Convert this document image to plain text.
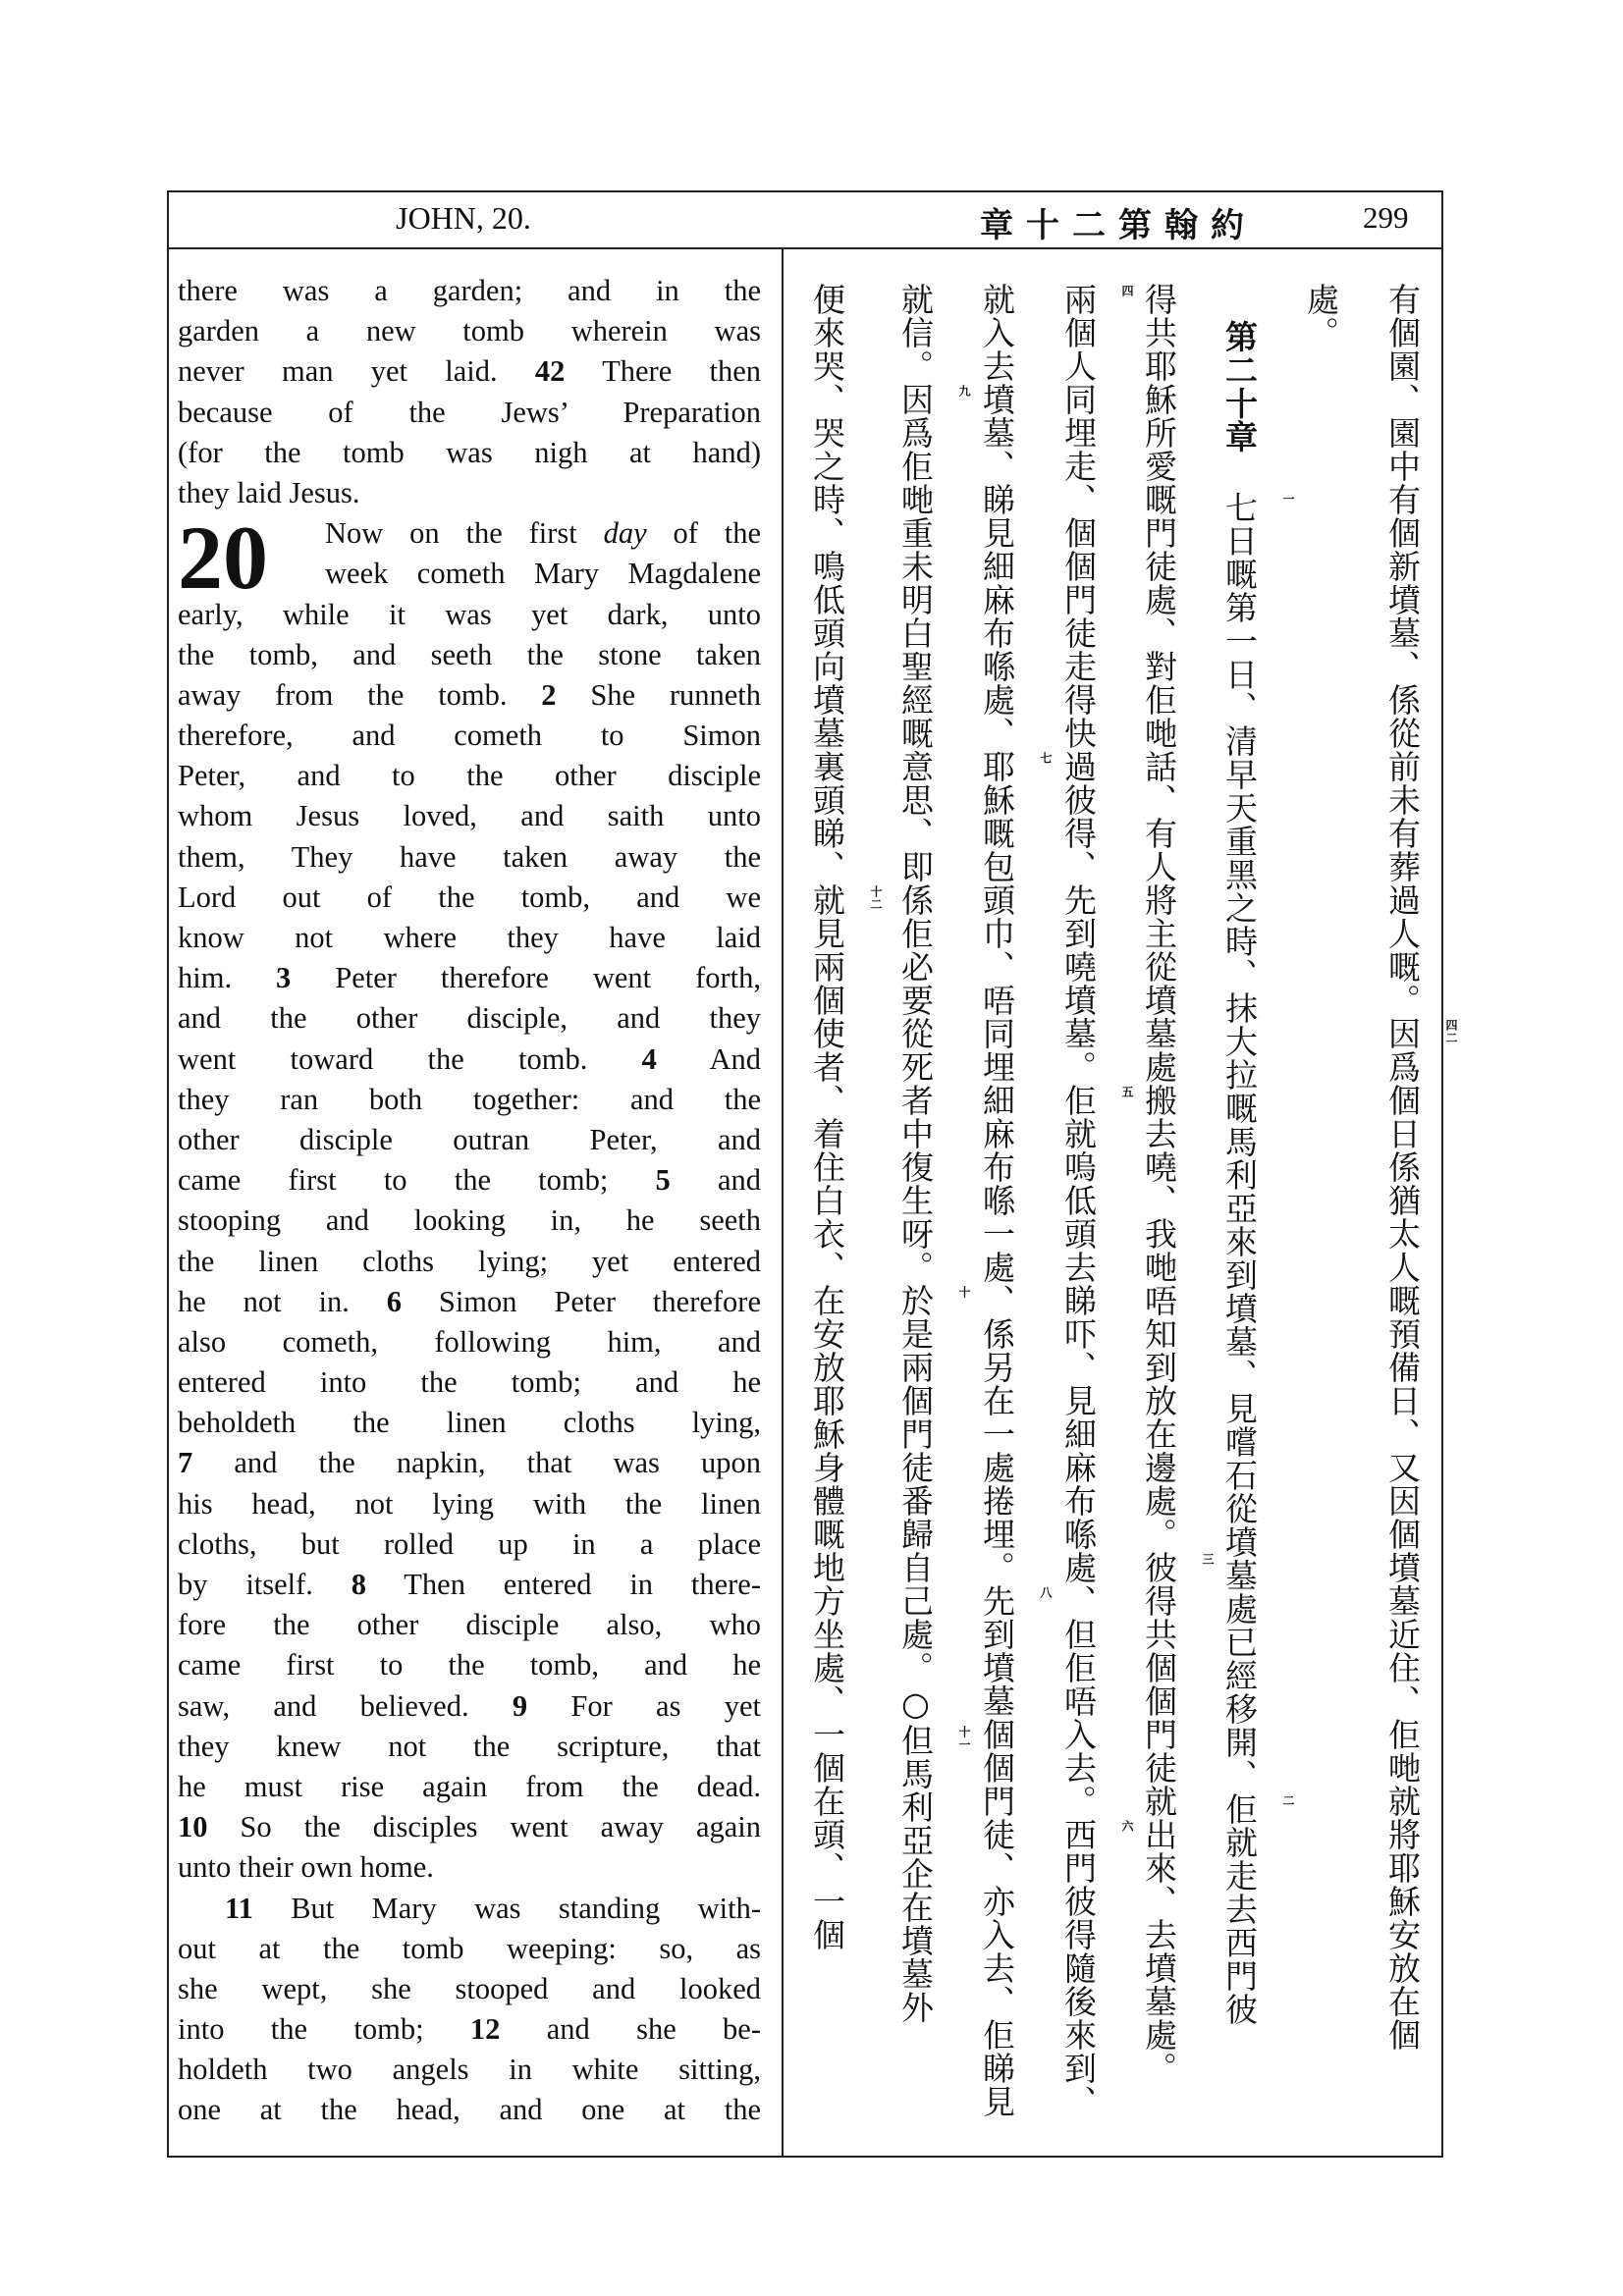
JOHN, 20.	約翰第二十章	299
20
there was a garden; and in the
garden a new tomb wherein was
never man yet laid. 42 There then
because of the Jews’ Preparation
(for the tomb was nigh at hand)
they laid Jesus.
Now on the first day of the
week cometh Mary Magdalene
early, while it was yet dark, unto
the tomb, and seeth the stone taken
away from the tomb. 2 She runneth
therefore, and cometh to Simon
Peter, and to the other disciple
whom Jesus loved, and saith unto
them, They have taken away the
Lord out of the tomb, and we
know not where they have laid
him. 3 Peter therefore went forth,
and the other disciple, and they
went toward the tomb. 4 And
they ran both together: and the
other disciple outran Peter, and
came first to the tomb; 5 and
stooping and looking in, he seeth
the linen cloths lying; yet entered
he not in. 6 Simon Peter therefore
also cometh, following him, and
entered into the tomb; and he
beholdeth the linen cloths lying,
7 and the napkin, that was upon
his head, not lying with the linen
cloths, but rolled up in a place
by itself. 8 Then entered in there-
fore the other disciple also, who
came first to the tomb, and he
saw, and believed. 9 For as yet
they knew not the scripture, that
he must rise again from the dead.
10 So the disciples went away again
unto their own home.
11 But Mary was standing with-
out at the tomb weeping: so, as
she wept, she stooped and looked
into the tomb; 12 and she be-
holdeth two angels in white sitting,
one at the head, and one at the
有個園、園中有個新墳墓、係從前未有葬過人嘅。
四二
因爲個日係猶太人嘅預備日、又因個墳墓近住、佢哋就將耶穌安放在個
處。
第二十章
一
七日嘅第一日、清早天重黑之時、抹大拉嘅馬利亞來到墳墓、見嚐石從墳墓處已經移開、
二
佢就走去西門彼
得共耶穌所愛嘅門徒處、對佢哋話、有人將主從墳墓處搬去嘵、我哋唔知到放在邊處。
三
彼得共個個門徒就出來、去墳墓處。
四
兩個人同埋走、個個門徒走得快過彼得、先到嘵墳墓。
五
佢就嗚低頭去睇吓、見細麻布喺處、但佢唔入去。
六
西門彼得隨後來到、
就入去墳墓、睇見細麻布喺處、
七
耶穌嘅包頭巾、唔同埋細麻布喺一處、係另在一處捲埋。
八
先到墳墓個個門徒、亦入去、佢睇見
就信。
九
因爲佢哋重未明白聖經嘅意思、即係佢必要從死者中復生呀。
十
於是兩個門徒番歸自己處。○
十一
但馬利亞企在墳墓外
便來哭、哭之時、鳴低頭向墳墓裏頭睇、
十二
就見兩個使者、着住白衣、在安放耶穌身體嘅地方坐處、一個在頭、一個
